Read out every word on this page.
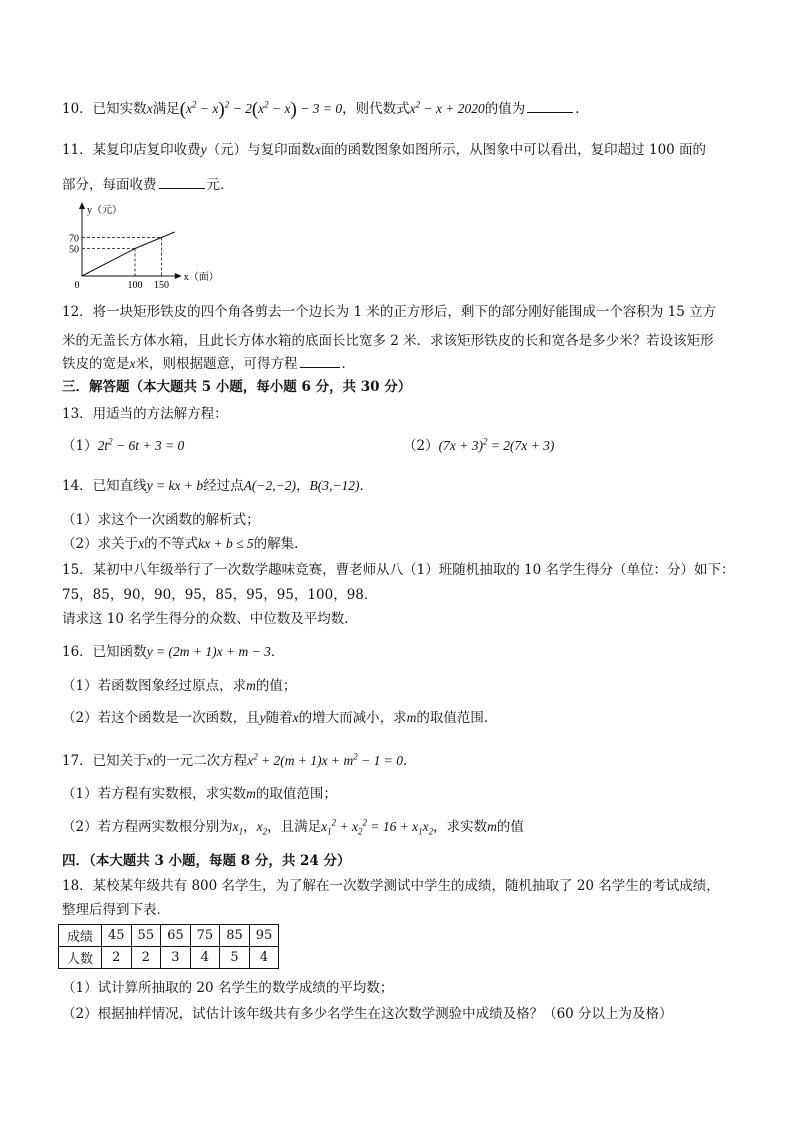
10．已知实数x满足$(x^2 - x)^2 - 2(x^2 - x) - 3 = 0$，则代数式$x^2 - x + 2020$的值为	．
11．某复印店复印收费y（元）与复印面数x面的函数图象如图所示，从图象中可以看出，复印超过 100 面的
部分，每面收费	元．
0	100 150
50
70
x（面）
y（元）
12．将一块矩形铁皮的四个角各剪去一个边长为 1 米的正方形后，剩下的部分刚好能围成一个容积为 15 立方
米的无盖长方体水箱，且此长方体水箱的底面长比宽多 2 米．求该矩形铁皮的长和宽各是多少米？若设该矩形
铁皮的宽是x米，则根据题意，可得方程	．
三．解答题（本大题共 5 小题，每小题 6 分，共 30 分）
13．用适当的方法解方程：
$(1)2t^2 - 6t + 3 = 0$	$(2)(7x + 3)^2 = 2(7x + 3)$
14．已知直线y = kx + b经过点A(−2,−2)，B(3,−12)．
（1）求这个一次函数的解析式；
（2）求关于x的不等式kx + b ≤ 5的解集．
15．某初中八年级举行了一次数学趣味竞赛，曹老师从八（1）班随机抽取的 10 名学生得分（单位：分）如下：
75，85，90，90，95，85，95，95，100，98．
请求这 10 名学生得分的众数、中位数及平均数．
16．已知函数y = (2m + 1)x + m − 3．
（1）若函数图象经过原点，求m的值；
（2）若这个函数是一次函数，且y随着x的增大而减小，求m的取值范围．
17．已知关于x的一元二次方程$x^2 + 2(m + 1)x + m^2 - 1 = 0$．
（1）若方程有实数根，求实数m的取值范围；
（2）若方程两实数根分别为$x_1$，$x_2$，且满足$x_1^2 + x_2^2 = 16 + x_1x_2$，求实数m的值
四．（本大题共 3 小题，每题 8 分，共 24 分）
18．某校某年级共有 800 名学生，为了解在一次数学测试中学生的成绩，随机抽取了 20 名学生的考试成绩，
整理后得到下表．
成绩	45	55	65	75	85	95
人数	2	2	3	4	5	4
（1）试计算所抽取的 20 名学生的数学成绩的平均数；
（2）根据抽样情况，试估计该年级共有多少名学生在这次数学测验中成绩及格？（60 分以上为及格）
